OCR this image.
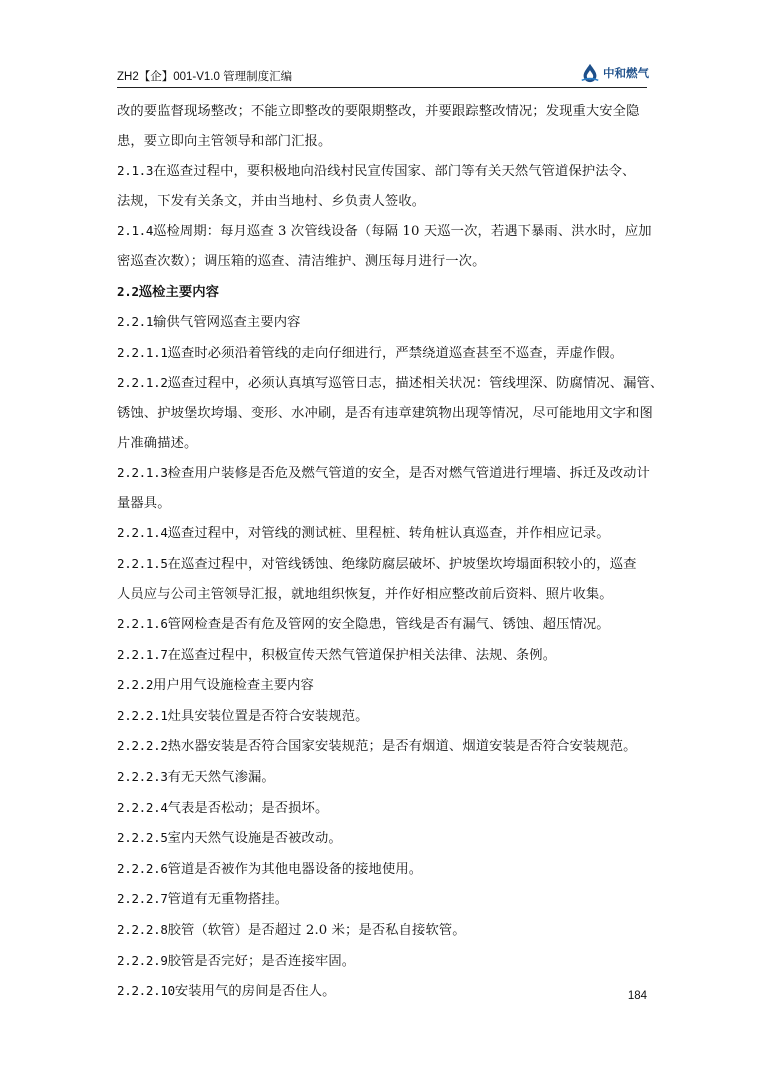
ZH2【企】001-V1.0 管理制度汇编	中和燃气

改的要监督现场整改；不能立即整改的要限期整改，并要跟踪整改情况；发现重大安全隐

患，要立即向主管领导和部门汇报。

2.1.3在巡查过程中，要积极地向沿线村民宣传国家、部门等有关天然气管道保护法令、

法规，下发有关条文，并由当地村、乡负责人签收。

2.1.4巡检周期：每月巡查 3 次管线设备（每隔 10 天巡一次，若遇下暴雨、洪水时，应加

密巡查次数）；调压箱的巡查、清洁维护、测压每月进行一次。

2.2巡检主要内容

2.2.1输供气管网巡查主要内容

2.2.1.1巡查时必须沿着管线的走向仔细进行，严禁绕道巡查甚至不巡查，弄虚作假。

2.2.1.2巡查过程中，必须认真填写巡管日志，描述相关状况：管线埋深、防腐情况、漏管、

锈蚀、护坡堡坎垮塌、变形、水冲刷，是否有违章建筑物出现等情况，尽可能地用文字和图

片准确描述。

2.2.1.3检查用户装修是否危及燃气管道的安全，是否对燃气管道进行埋墙、拆迁及改动计

量器具。

2.2.1.4巡查过程中，对管线的测试桩、里程桩、转角桩认真巡查，并作相应记录。

2.2.1.5在巡查过程中，对管线锈蚀、绝缘防腐层破坏、护坡堡坎垮塌面积较小的，巡查

人员应与公司主管领导汇报，就地组织恢复，并作好相应整改前后资料、照片收集。

2.2.1.6管网检查是否有危及管网的安全隐患，管线是否有漏气、锈蚀、超压情况。

2.2.1.7在巡查过程中，积极宣传天然气管道保护相关法律、法规、条例。

2.2.2用户用气设施检查主要内容

2.2.2.1灶具安装位置是否符合安装规范。

2.2.2.2热水器安装是否符合国家安装规范；是否有烟道、烟道安装是否符合安装规范。

2.2.2.3有无天然气渗漏。

2.2.2.4气表是否松动；是否损坏。

2.2.2.5室内天然气设施是否被改动。

2.2.2.6管道是否被作为其他电器设备的接地使用。

2.2.2.7管道有无重物搭挂。

2.2.2.8胶管（软管）是否超过 2.0 米；是否私自接软管。

2.2.2.9胶管是否完好；是否连接牢固。

2.2.2.10安装用气的房间是否住人。	184
